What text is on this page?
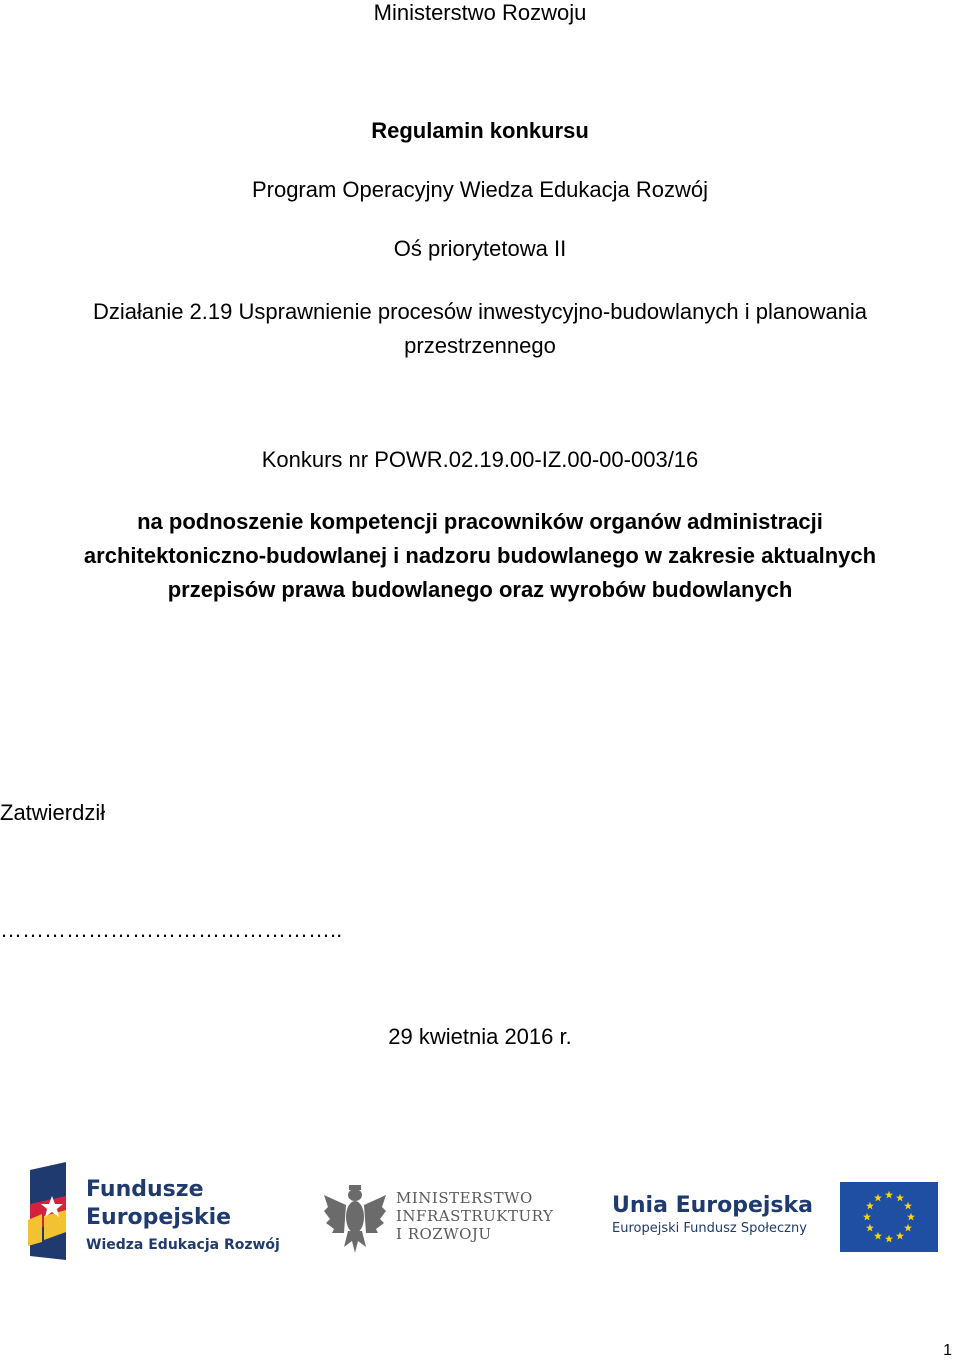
Ministerstwo Rozwoju
Regulamin konkursu
Program Operacyjny Wiedza Edukacja Rozwój
Oś priorytetowa II
Działanie 2.19 Usprawnienie procesów inwestycyjno-budowlanych i planowania
przestrzennego
Konkurs nr POWR.02.19.00-IZ.00-00-003/16
na podnoszenie kompetencji pracowników organów administracji
architektoniczno-budowlanej i nadzoru budowlanego w zakresie aktualnych
przepisów prawa budowlanego oraz wyrobów budowlanych
Zatwierdził
………………………………………..
29 kwietnia 2016 r.
Fundusze
Europejskie
Wiedza Edukacja Rozwój
MINISTERSTWO
INFRASTRUKTURY
I ROZWOJU
Unia Europejska
Europejski Fundusz Społeczny
1
